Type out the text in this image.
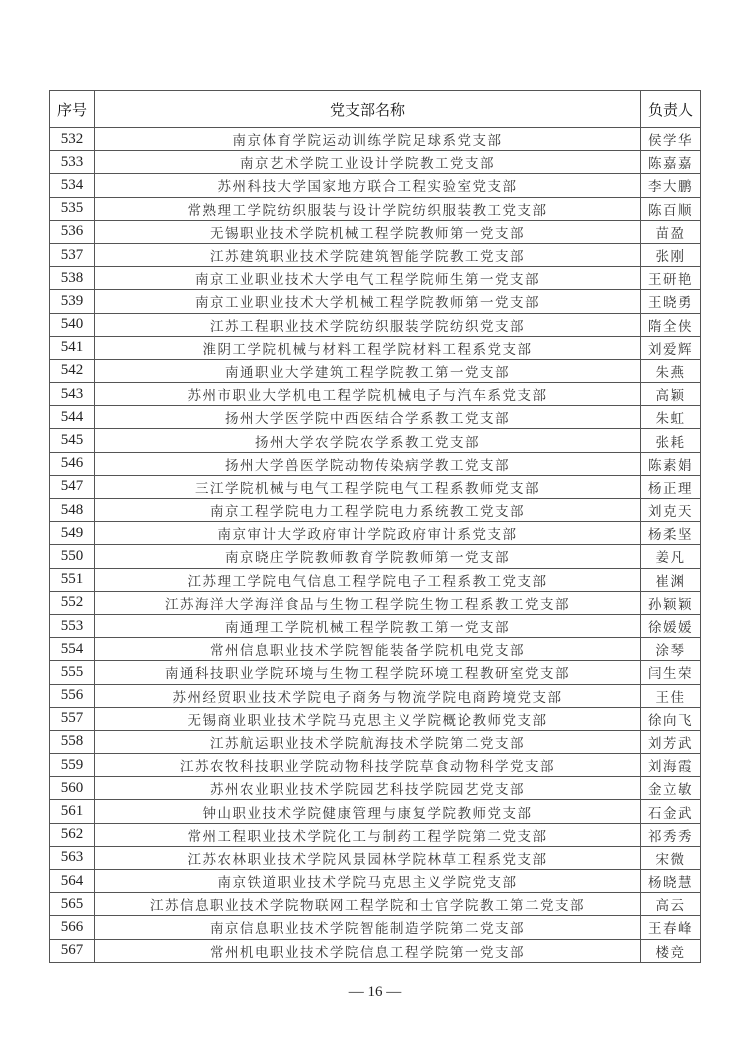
序号	党支部名称	负责人
532	南京体育学院运动训练学院足球系党支部	侯学华
533	南京艺术学院工业设计学院教工党支部	陈嘉嘉
534	苏州科技大学国家地方联合工程实验室党支部	李大鹏
535	常熟理工学院纺织服装与设计学院纺织服装教工党支部	陈百顺
536	无锡职业技术学院机械工程学院教师第一党支部	苗盈
537	江苏建筑职业技术学院建筑智能学院教工党支部	张刚
538	南京工业职业技术大学电气工程学院师生第一党支部	王研艳
539	南京工业职业技术大学机械工程学院教师第一党支部	王晓勇
540	江苏工程职业技术学院纺织服装学院纺织党支部	隋全侠
541	淮阴工学院机械与材料工程学院材料工程系党支部	刘爱辉
542	南通职业大学建筑工程学院教工第一党支部	朱燕
543	苏州市职业大学机电工程学院机械电子与汽车系党支部	高颖
544	扬州大学医学院中西医结合学系教工党支部	朱虹
545	扬州大学农学院农学系教工党支部	张耗
546	扬州大学兽医学院动物传染病学教工党支部	陈素娟
547	三江学院机械与电气工程学院电气工程系教师党支部	杨正理
548	南京工程学院电力工程学院电力系统教工党支部	刘克天
549	南京审计大学政府审计学院政府审计系党支部	杨柔坚
550	南京晓庄学院教师教育学院教师第一党支部	姜凡
551	江苏理工学院电气信息工程学院电子工程系教工党支部	崔渊
552	江苏海洋大学海洋食品与生物工程学院生物工程系教工党支部	孙颖颖
553	南通理工学院机械工程学院教工第一党支部	徐媛媛
554	常州信息职业技术学院智能装备学院机电党支部	涂琴
555	南通科技职业学院环境与生物工程学院环境工程教研室党支部	闫生荣
556	苏州经贸职业技术学院电子商务与物流学院电商跨境党支部	王佳
557	无锡商业职业技术学院马克思主义学院概论教师党支部	徐向飞
558	江苏航运职业技术学院航海技术学院第二党支部	刘芳武
559	江苏农牧科技职业学院动物科技学院草食动物科学党支部	刘海霞
560	苏州农业职业技术学院园艺科技学院园艺党支部	金立敏
561	钟山职业技术学院健康管理与康复学院教师党支部	石金武
562	常州工程职业技术学院化工与制药工程学院第二党支部	祁秀秀
563	江苏农林职业技术学院风景园林学院林草工程系党支部	宋微
564	南京铁道职业技术学院马克思主义学院党支部	杨晓慧
565	江苏信息职业技术学院物联网工程学院和士官学院教工第二党支部	高云
566	南京信息职业技术学院智能制造学院第二党支部	王春峰
567	常州机电职业技术学院信息工程学院第一党支部	楼竞
— 16 —
